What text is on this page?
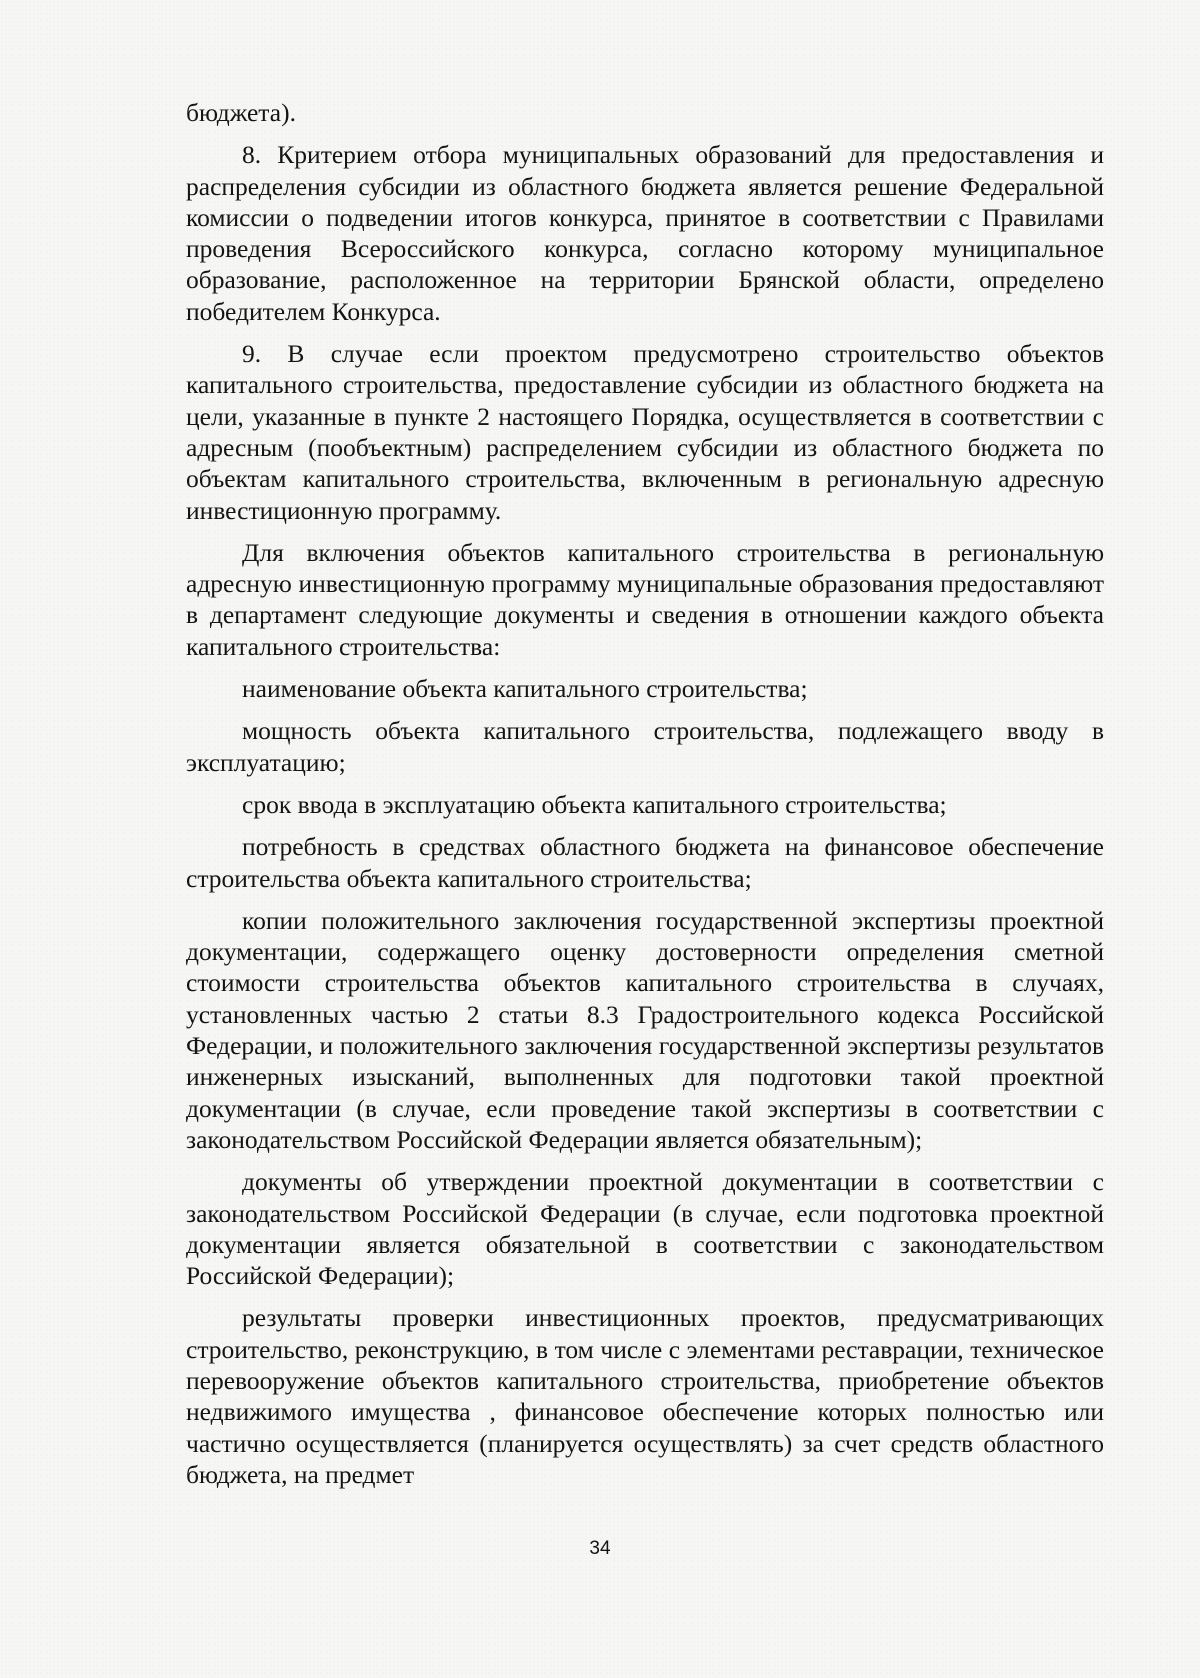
бюджета).

8. Критерием отбора муниципальных образований для предоставления и распределения субсидии из областного бюджета является решение Федеральной комиссии о подведении итогов конкурса, принятое в соответствии с Правилами проведения Всероссийского конкурса, согласно которому муниципальное образование, расположенное на территории Брянской области, определено победителем Конкурса.

9. В случае если проектом предусмотрено строительство объектов капитального строительства, предоставление субсидии из областного бюджета на цели, указанные в пункте 2 настоящего Порядка, осуществляется в соответствии с адресным (пообъектным) распределением субсидии из областного бюджета по объектам капитального строительства, включенным в региональную адресную инвестиционную программу.

Для включения объектов капитального строительства в региональную адресную инвестиционную программу муниципальные образования предоставляют в департамент следующие документы и сведения в отношении каждого объекта капитального строительства:

наименование объекта капитального строительства;

мощность объекта капитального строительства, подлежащего вводу в эксплуатацию;

срок ввода в эксплуатацию объекта капитального строительства;

потребность в средствах областного бюджета на финансовое обеспечение строительства объекта капитального строительства;

копии положительного заключения государственной экспертизы проектной документации, содержащего оценку достоверности определения сметной стоимости строительства объектов капитального строительства в случаях, установленных частью 2 статьи 8.3 Градостроительного кодекса Российской Федерации, и положительного заключения государственной экспертизы результатов инженерных изысканий, выполненных для подготовки такой проектной документации (в случае, если проведение такой экспертизы в соответствии с законодательством Российской Федерации является обязательным);

документы об утверждении проектной документации в соответствии с законодательством Российской Федерации (в случае, если подготовка проектной документации является обязательной в соответствии с законодательством Российской Федерации);

результаты проверки инвестиционных проектов, предусматривающих строительство, реконструкцию, в том числе с элементами реставрации, техническое перевооружение объектов капитального строительства, приобретение объектов недвижимого имущества , финансовое обеспечение которых полностью или частично осуществляется (планируется осуществлять) за счет средств областного бюджета, на предмет

34
